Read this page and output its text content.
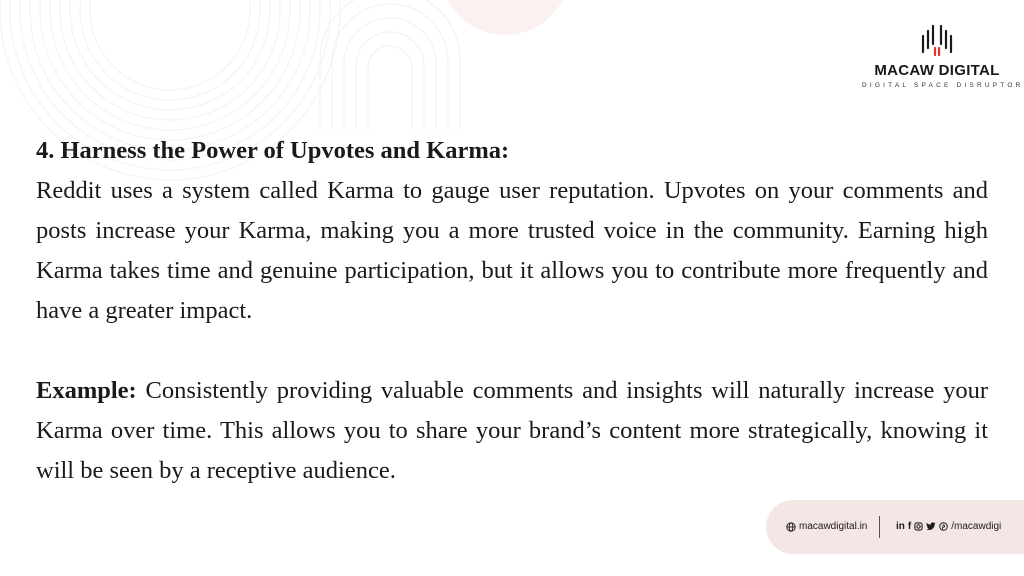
MACAW DIGITAL
DIGITAL SPACE DISRUPTOR

4. Harness the Power of Upvotes and Karma:

Reddit uses a system called Karma to gauge user reputation. Upvotes on your comments and posts increase your Karma, making you a more trusted voice in the community. Earning high Karma takes time and genuine participation, but it allows you to contribute more frequently and have a greater impact.

Example: Consistently providing valuable comments and insights will naturally increase your Karma over time. This allows you to share your brand’s content more strategically, knowing it will be seen by a receptive audience.

macawdigital.in	in f	/macawdigi
